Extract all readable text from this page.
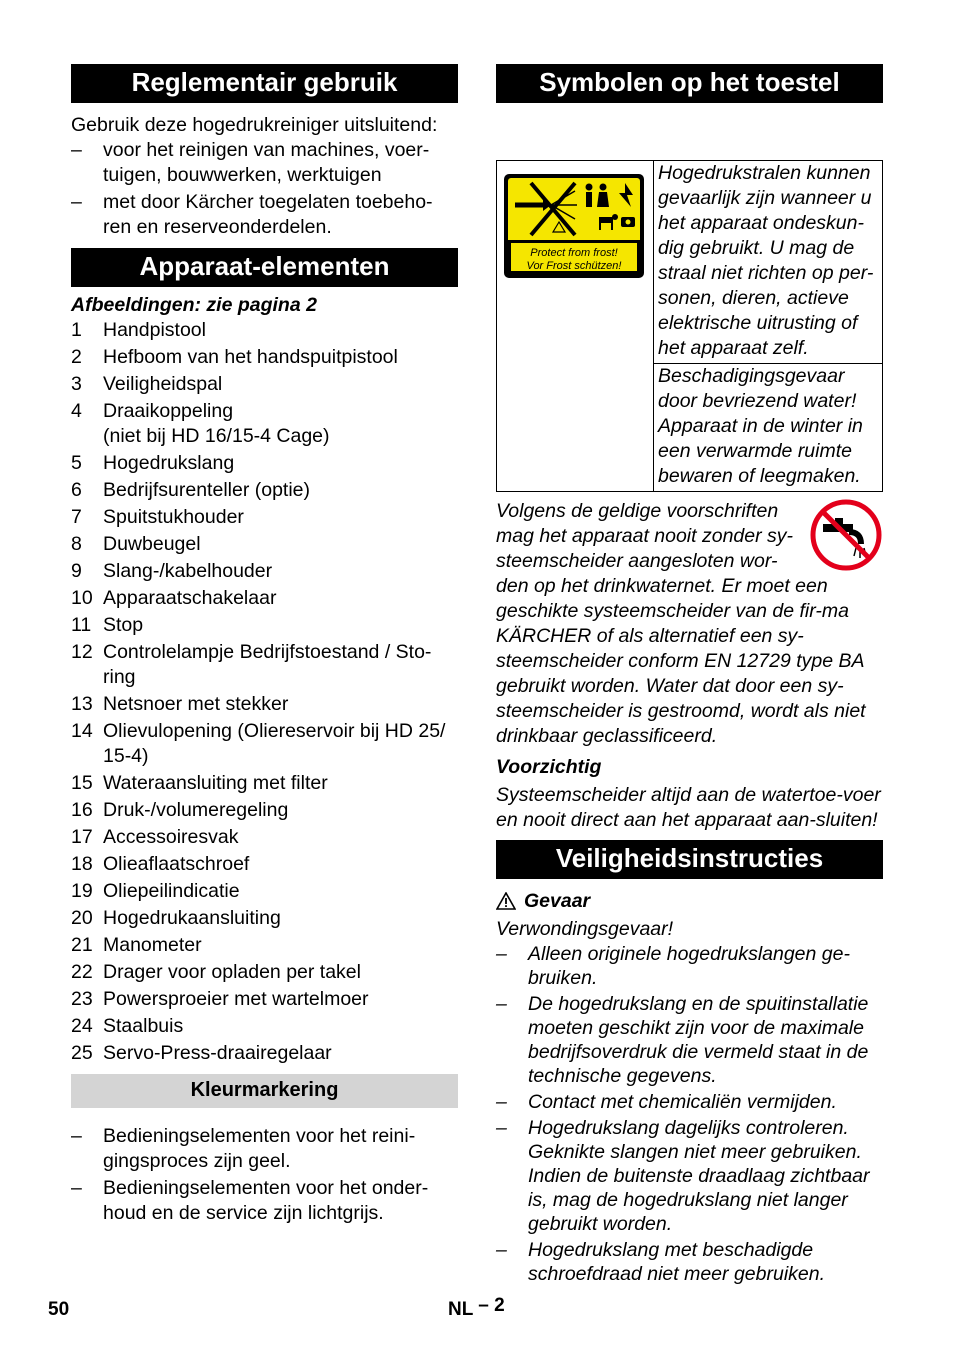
Reglementair gebruik

Gebruik deze hogedrukreiniger uitsluitend:

– voor het reinigen van machines, voer-tuigen, bouwwerken, werktuigen
– met door Kärcher toegelaten toebeho-ren en reserveonderdelen.
Apparaat-elementen

Afbeeldingen: zie pagina 2

1 Handpistool
2 Hefboom van het handspuitpistool
3 Veiligheidspal
4 Draaikoppeling
(niet bij HD 16/15-4 Cage)
5 Hogedrukslang
6 Bedrijfsurenteller (optie)
7 Spuitstukhouder
8 Duwbeugel
9 Slang-/kabelhouder
10 Apparaatschakelaar
11 Stop
12 Controlelampje Bedrijfstoestand / Sto-ring
13 Netsnoer met stekker
14 Olievulopening (Oliereservoir bij HD 25/ 15-4)
15 Wateraansluiting met filter
16 Druk-/volumeregeling
17 Accessoiresvak
18 Olieaflaatschroef
19 Oliepeilindicatie
20 Hogedrukaansluiting
21 Manometer
22 Drager voor opladen per takel
23 Powersproeier met wartelmoer
24 Staalbuis
25 Servo-Press-draairegelaar
Kleurmarkering
– Bedieningselementen voor het reini-gingsproces zijn geel.
– Bedieningselementen voor het onder-houd en de service zijn lichtgrijs.
Symbolen op het toestel
Protect from frost!
Vor Frost schützen!
	Hogedrukstralen kunnen gevaarlijk zijn wanneer u het apparaat ondeskun-dig gebruikt. U mag de straal niet richten op per-sonen, dieren, actieve elektrische uitrusting of het apparaat zelf.
Beschadigingsgevaar door bevriezend water! Apparaat in de winter in een verwarmde ruimte bewaren of leegmaken.

Volgens de geldige voorschriften mag het apparaat nooit zonder sy-steemscheider aangesloten wor-den op het drinkwaternet. Er moet een geschikte systeemscheider van de fir-ma KÄRCHER of als alternatief een sy-steemscheider conform EN 12729 type BA gebruikt worden. Water dat door een sy-steemscheider is gestroomd, wordt als niet drinkbaar geclassificeerd.

Voorzichtig

Systeemscheider altijd aan de watertoe-voer en nooit direct aan het apparaat aan-sluiten!

Veiligheidsinstructies

Gevaar

Verwondingsgevaar!

– Alleen originele hogedrukslangen ge-bruiken.
– De hogedrukslang en de spuitinstallatie moeten geschikt zijn voor de maximale bedrijfsoverdruk die vermeld staat in de technische gegevens.
– Contact met chemicaliën vermijden.
– Hogedrukslang dagelijks controleren. Geknikte slangen niet meer gebruiken. Indien de buitenste draadlaag zichtbaar is, mag de hogedrukslang niet langer gebruikt worden.
– Hogedrukslang met beschadigde schroefdraad niet meer gebruiken.
50	NL – 2
